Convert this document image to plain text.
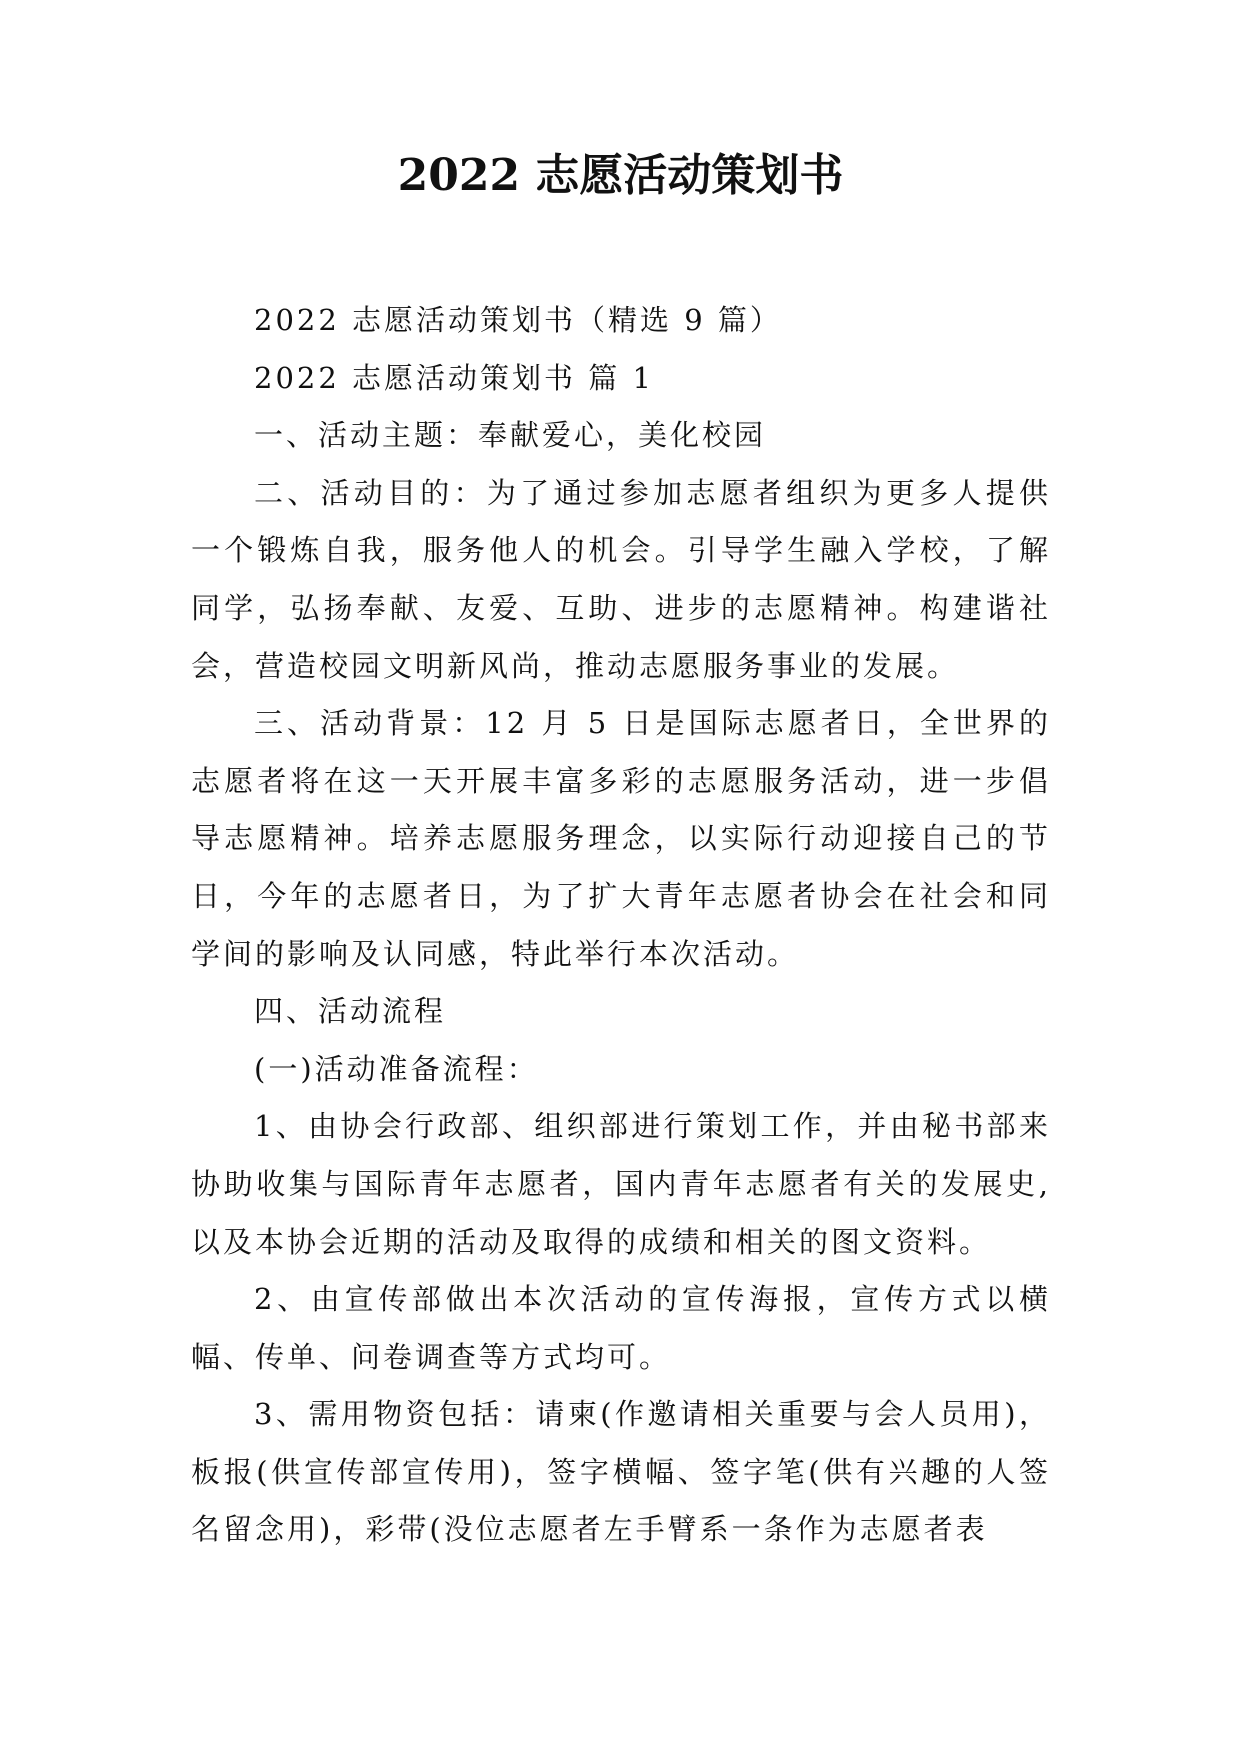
2022 志愿活动策划书

2022 志愿活动策划书（精选 9 篇）

2022 志愿活动策划书 篇 1

一、活动主题：奉献爱心，美化校园

二、活动目的：为了通过参加志愿者组织为更多人提供一个锻炼自我，服务他人的机会。引导学生融入学校，了解同学，弘扬奉献、友爱、互助、进步的志愿精神。构建谐社会，营造校园文明新风尚，推动志愿服务事业的发展。

三、活动背景：12 月 5 日是国际志愿者日，全世界的志愿者将在这一天开展丰富多彩的志愿服务活动，进一步倡导志愿精神。培养志愿服务理念，以实际行动迎接自己的节日，今年的志愿者日，为了扩大青年志愿者协会在社会和同学间的影响及认同感，特此举行本次活动。

四、活动流程

(一)活动准备流程：

1、由协会行政部、组织部进行策划工作，并由秘书部来协助收集与国际青年志愿者，国内青年志愿者有关的发展史,以及本协会近期的活动及取得的成绩和相关的图文资料。

2、由宣传部做出本次活动的宣传海报，宣传方式以横幅、传单、问卷调查等方式均可。

3、需用物资包括：请柬(作邀请相关重要与会人员用)，板报(供宣传部宣传用)，签字横幅、签字笔(供有兴趣的人签名留念用)，彩带(没位志愿者左手臂系一条作为志愿者表
